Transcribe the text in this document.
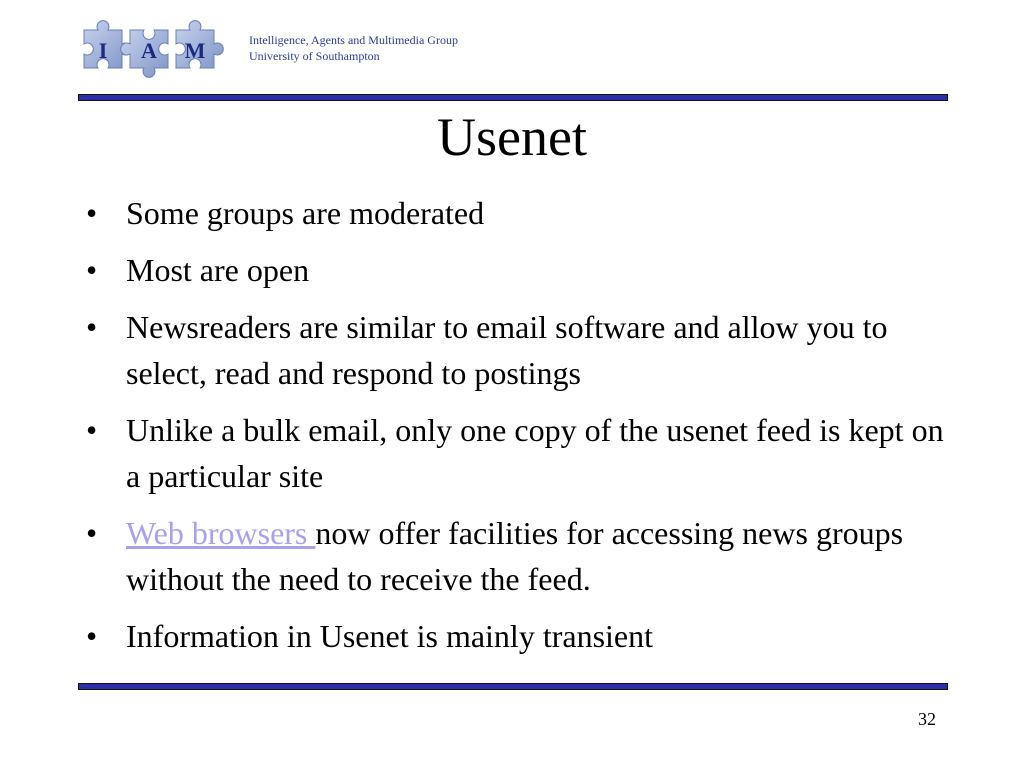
I A M	Intelligence, Agents and Multimedia Group
University of Southampton
Usenet
• Some groups are moderated
• Most are open
• Newsreaders are similar to email software and allow you to select, read and respond to postings
• Unlike a bulk email, only one copy of the usenet feed is kept on a particular site
• Web browsers now offer facilities for accessing news groups without the need to receive the feed.
• Information in Usenet is mainly transient
32
